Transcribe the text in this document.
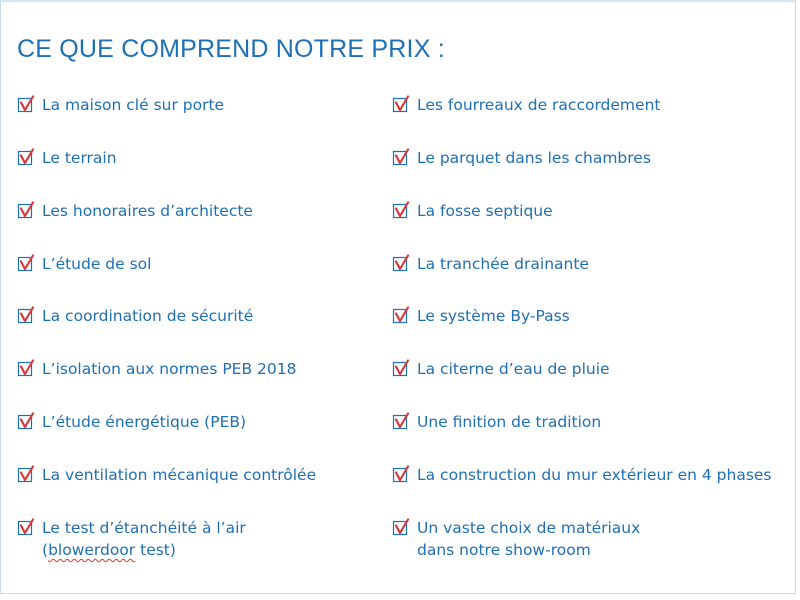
CE QUE COMPREND NOTRE PRIX :
La maison clé sur porte
Le terrain
Les honoraires d’architecte
L’étude de sol
La coordination de sécurité
L’isolation aux normes PEB 2018
L’étude énergétique (PEB)
La ventilation mécanique contrôlée
Le test d’étanchéité à l’air
(blowerdoor test)
Les fourreaux de raccordement
Le parquet dans les chambres
La fosse septique
La tranchée drainante
Le système By-Pass
La citerne d’eau de pluie
Une finition de tradition
La construction du mur extérieur en 4 phases
Un vaste choix de matériaux
dans notre show-room
